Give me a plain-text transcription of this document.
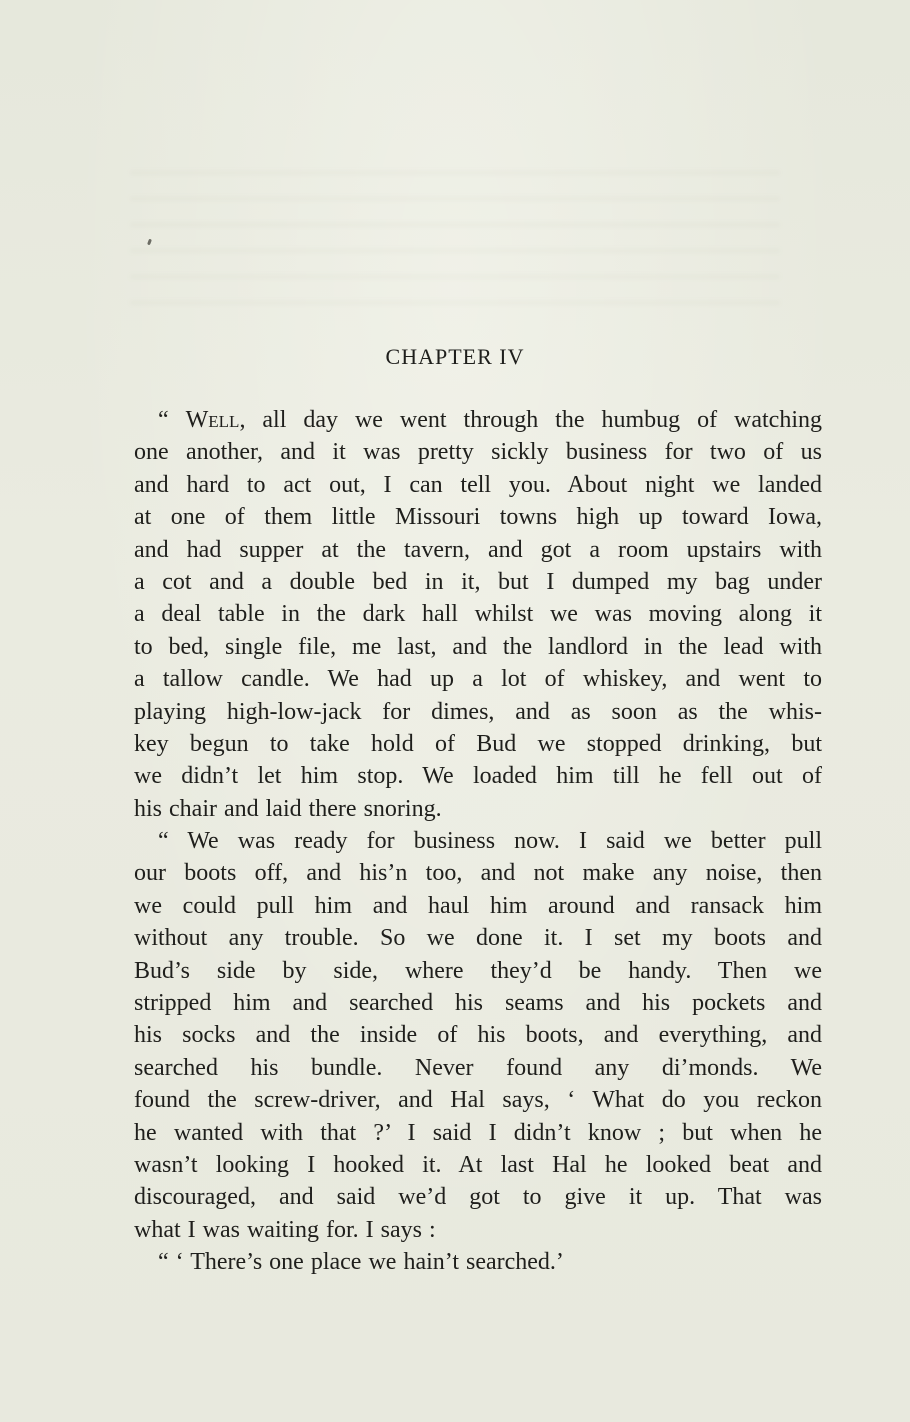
CHAPTER IV
“ Well, all day we went through the humbug of watching
one another, and it was pretty sickly business for two of us
and hard to act out, I can tell you. About night we landed
at one of them little Missouri towns high up toward Iowa,
and had supper at the tavern, and got a room upstairs with
a cot and a double bed in it, but I dumped my bag under
a deal table in the dark hall whilst we was moving along it
to bed, single file, me last, and the landlord in the lead with
a tallow candle. We had up a lot of whiskey, and went to
playing high-low-jack for dimes, and as soon as the whis-
key begun to take hold of Bud we stopped drinking, but
we didn’t let him stop. We loaded him till he fell out of
his chair and laid there snoring.
“ We was ready for business now. I said we better pull
our boots off, and his’n too, and not make any noise, then
we could pull him and haul him around and ransack him
without any trouble. So we done it. I set my boots and
Bud’s side by side, where they’d be handy. Then we
stripped him and searched his seams and his pockets and
his socks and the inside of his boots, and everything, and
searched his bundle. Never found any di’monds. We
found the screw-driver, and Hal says, ‘ What do you reckon
he wanted with that ?’ I said I didn’t know ; but when he
wasn’t looking I hooked it. At last Hal he looked beat and
discouraged, and said we’d got to give it up. That was
what I was waiting for. I says :
“ ‘ There’s one place we hain’t searched.’
